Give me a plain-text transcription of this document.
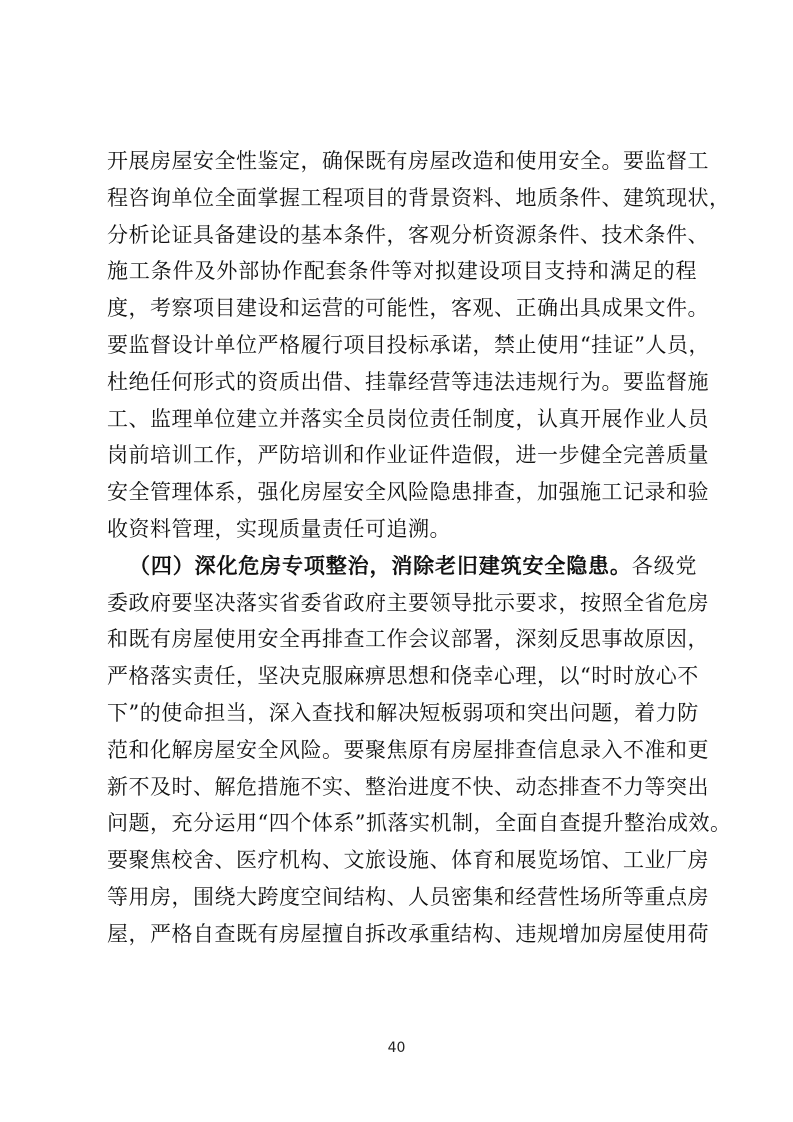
开展房屋安全性鉴定，确保既有房屋改造和使用安全。要监督工
程咨询单位全面掌握工程项目的背景资料、地质条件、建筑现状，
分析论证具备建设的基本条件，客观分析资源条件、技术条件、
施工条件及外部协作配套条件等对拟建设项目支持和满足的程
度，考察项目建设和运营的可能性，客观、正确出具成果文件。
要监督设计单位严格履行项目投标承诺，禁止使用“挂证”人员，
杜绝任何形式的资质出借、挂靠经营等违法违规行为。要监督施
工、监理单位建立并落实全员岗位责任制度，认真开展作业人员
岗前培训工作，严防培训和作业证件造假，进一步健全完善质量
安全管理体系，强化房屋安全风险隐患排查，加强施工记录和验
收资料管理，实现质量责任可追溯。
（四）深化危房专项整治，消除老旧建筑安全隐患。各级党
委政府要坚决落实省委省政府主要领导批示要求，按照全省危房
和既有房屋使用安全再排查工作会议部署，深刻反思事故原因，
严格落实责任，坚决克服麻痹思想和侥幸心理，以“时时放心不
下”的使命担当，深入查找和解决短板弱项和突出问题，着力防
范和化解房屋安全风险。要聚焦原有房屋排查信息录入不准和更
新不及时、解危措施不实、整治进度不快、动态排查不力等突出
问题，充分运用“四个体系”抓落实机制，全面自查提升整治成效。
要聚焦校舍、医疗机构、文旅设施、体育和展览场馆、工业厂房
等用房，围绕大跨度空间结构、人员密集和经营性场所等重点房
屋，严格自查既有房屋擅自拆改承重结构、违规增加房屋使用荷
40
